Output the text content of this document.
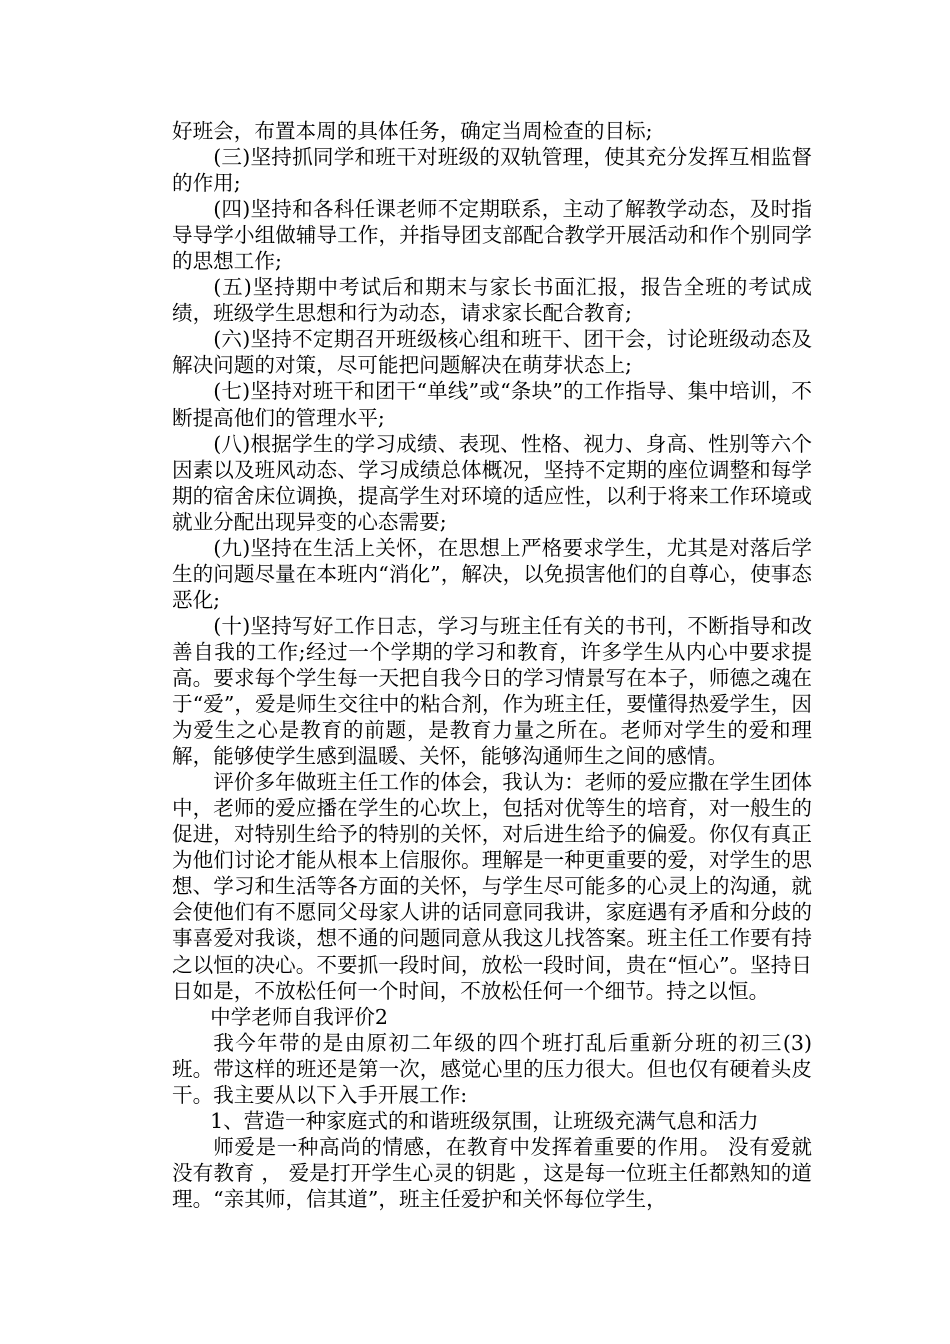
好班会，布置本周的具体任务，确定当周检查的目标;

(三)坚持抓同学和班干对班级的双轨管理，使其充分发挥互相监督的作用;

(四)坚持和各科任课老师不定期联系，主动了解教学动态，及时指导导学小组做辅导工作，并指导团支部配合教学开展活动和作个别同学的思想工作;

(五)坚持期中考试后和期末与家长书面汇报，报告全班的考试成绩，班级学生思想和行为动态，请求家长配合教育;

(六)坚持不定期召开班级核心组和班干、团干会，讨论班级动态及解决问题的对策，尽可能把问题解决在萌芽状态上;

(七)坚持对班干和团干“单线”或“条块”的工作指导、集中培训，不断提高他们的管理水平;

(八)根据学生的学习成绩、表现、性格、视力、身高、性别等六个因素以及班风动态、学习成绩总体概况，坚持不定期的座位调整和每学期的宿舍床位调换，提高学生对环境的适应性，以利于将来工作环境或就业分配出现异变的心态需要;

(九)坚持在生活上关怀，在思想上严格要求学生，尤其是对落后学生的问题尽量在本班内“消化”，解决，以免损害他们的自尊心，使事态恶化;

(十)坚持写好工作日志，学习与班主任有关的书刊，不断指导和改善自我的工作;经过一个学期的学习和教育，许多学生从内心中要求提高。要求每个学生每一天把自我今日的学习情景写在本子，师德之魂在于“爱”，爱是师生交往中的粘合剂，作为班主任，要懂得热爱学生，因为爱生之心是教育的前题，是教育力量之所在。老师对学生的爱和理解，能够使学生感到温暖、关怀，能够沟通师生之间的感情。

评价多年做班主任工作的体会，我认为：老师的爱应撒在学生团体中，老师的爱应播在学生的心坎上，包括对优等生的培育，对一般生的促进，对特别生给予的特别的关怀，对后进生给予的偏爱。你仅有真正为他们讨论才能从根本上信服你。理解是一种更重要的爱，对学生的思想、学习和生活等各方面的关怀，与学生尽可能多的心灵上的沟通，就会使他们有不愿同父母家人讲的话同意同我讲，家庭遇有矛盾和分歧的事喜爱对我谈，想不通的问题同意从我这儿找答案。班主任工作要有持之以恒的决心。不要抓一段时间，放松一段时间，贵在“恒心”。坚持日日如是，不放松任何一个时间，不放松任何一个细节。持之以恒。

中学老师自我评价2

我今年带的是由原初二年级的四个班打乱后重新分班的初三(3)班。带这样的班还是第一次，感觉心里的压力很大。但也仅有硬着头皮干。我主要从以下入手开展工作:

1、营造一种家庭式的和谐班级氛围，让班级充满气息和活力

师爱是一种高尚的情感，在教育中发挥着重要的作用。 没有爱就没有教育 ， 爱是打开学生心灵的钥匙 ，这是每一位班主任都熟知的道理。“亲其师，信其道”，班主任爱护和关怀每位学生，
